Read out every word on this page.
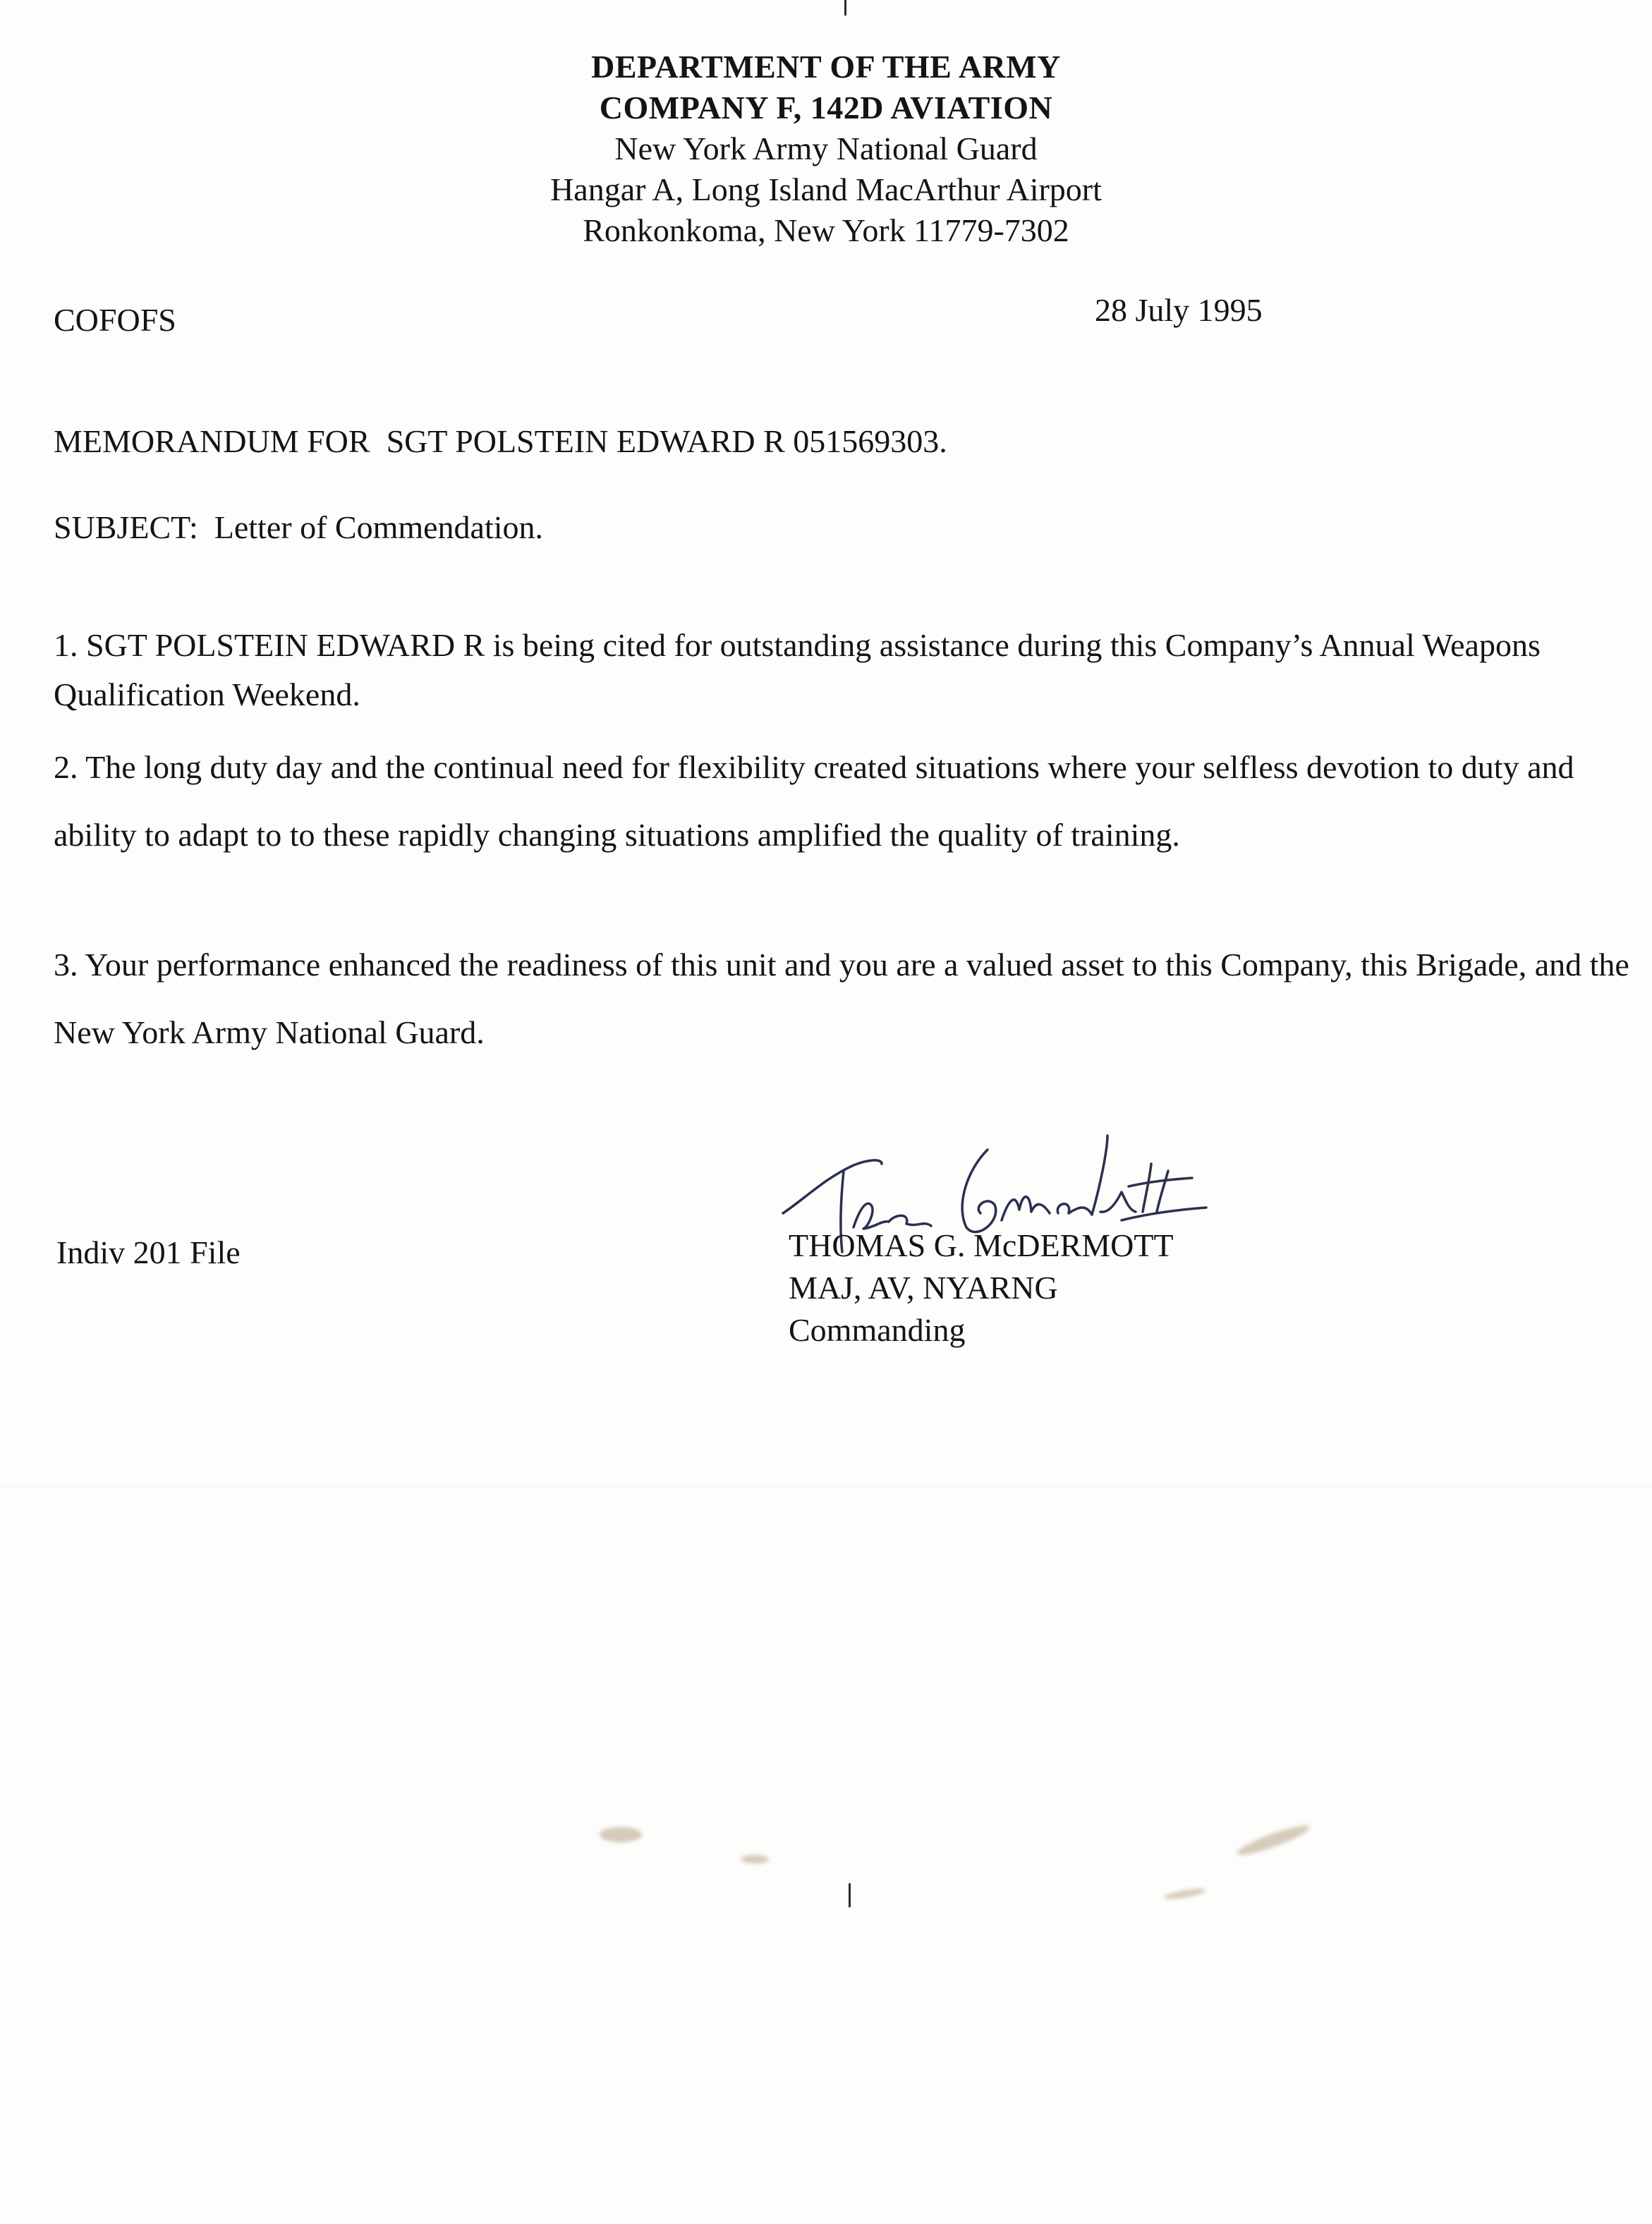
DEPARTMENT OF THE ARMY
COMPANY F, 142D AVIATION
New York Army National Guard
Hangar A, Long Island MacArthur Airport
Ronkonkoma, New York 11779-7302
COFOFS	28 July 1995
MEMORANDUM FOR  SGT POLSTEIN EDWARD R 051569303.
SUBJECT:  Letter of Commendation.
1. SGT POLSTEIN EDWARD R is being cited for outstanding assistance during this Company’s Annual Weapons Qualification Weekend.
2. The long duty day and the continual need for flexibility created situations where your selfless devotion to duty and ability to adapt to to these rapidly changing situations amplified the quality of training.
3. Your performance enhanced the readiness of this unit and you are a valued asset to this Company, this Brigade, and the New York Army National Guard.
Indiv 201 File	THOMAS G. McDERMOTT
MAJ, AV, NYARNG
Commanding
